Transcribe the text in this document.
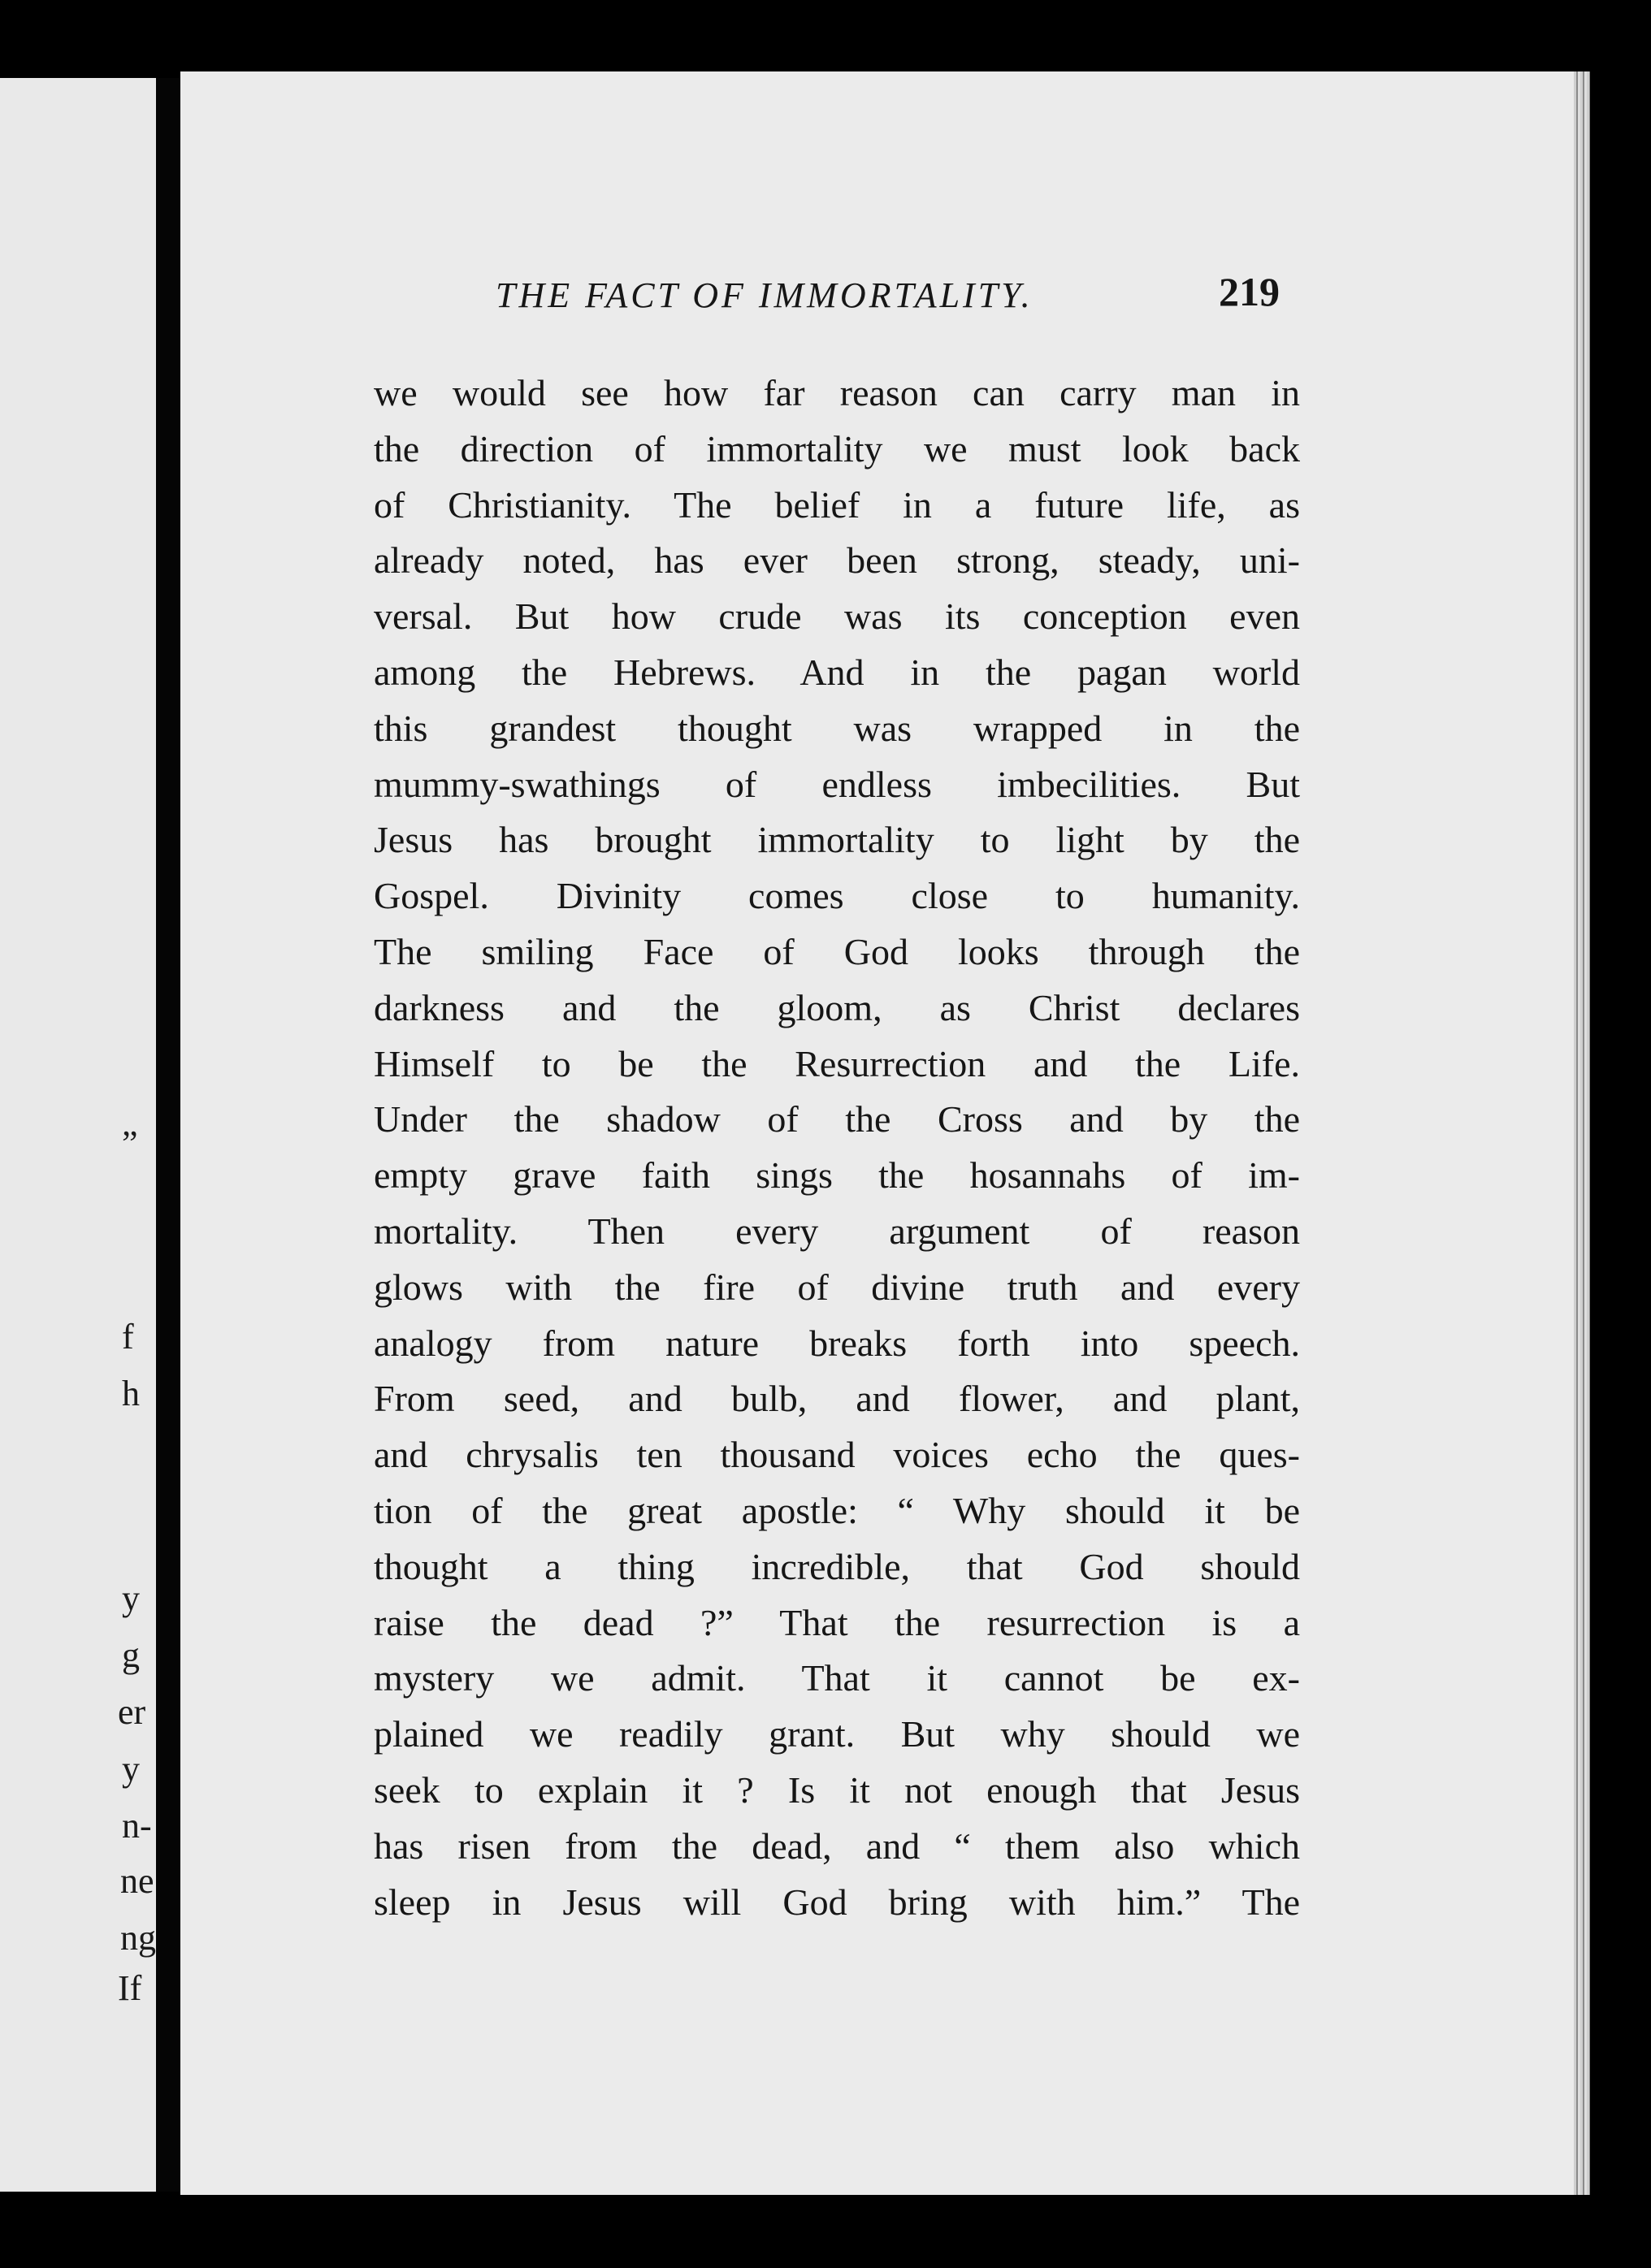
”
f
h
y
g
er
y
n-
ne
ng
If
THE FACT OF IMMORTALITY.	219
we would see how far reason can carry man in
the direction of immortality we must look back
of Christianity. The belief in a future life, as
already noted, has ever been strong, steady, uni-
versal. But how crude was its conception even
among the Hebrews. And in the pagan world
this grandest thought was wrapped in the
mummy-swathings of endless imbecilities. But
Jesus has brought immortality to light by the
Gospel. Divinity comes close to humanity.
The smiling Face of God looks through the
darkness and the gloom, as Christ declares
Himself to be the Resurrection and the Life.
Under the shadow of the Cross and by the
empty grave faith sings the hosannahs of im-
mortality. Then every argument of reason
glows with the fire of divine truth and every
analogy from nature breaks forth into speech.
From seed, and bulb, and flower, and plant,
and chrysalis ten thousand voices echo the ques-
tion of the great apostle: “ Why should it be
thought a thing incredible, that God should
raise the dead ?” That the resurrection is a
mystery we admit. That it cannot be ex-
plained we readily grant. But why should we
seek to explain it ? Is it not enough that Jesus
has risen from the dead, and “ them also which
sleep in Jesus will God bring with him.” The
